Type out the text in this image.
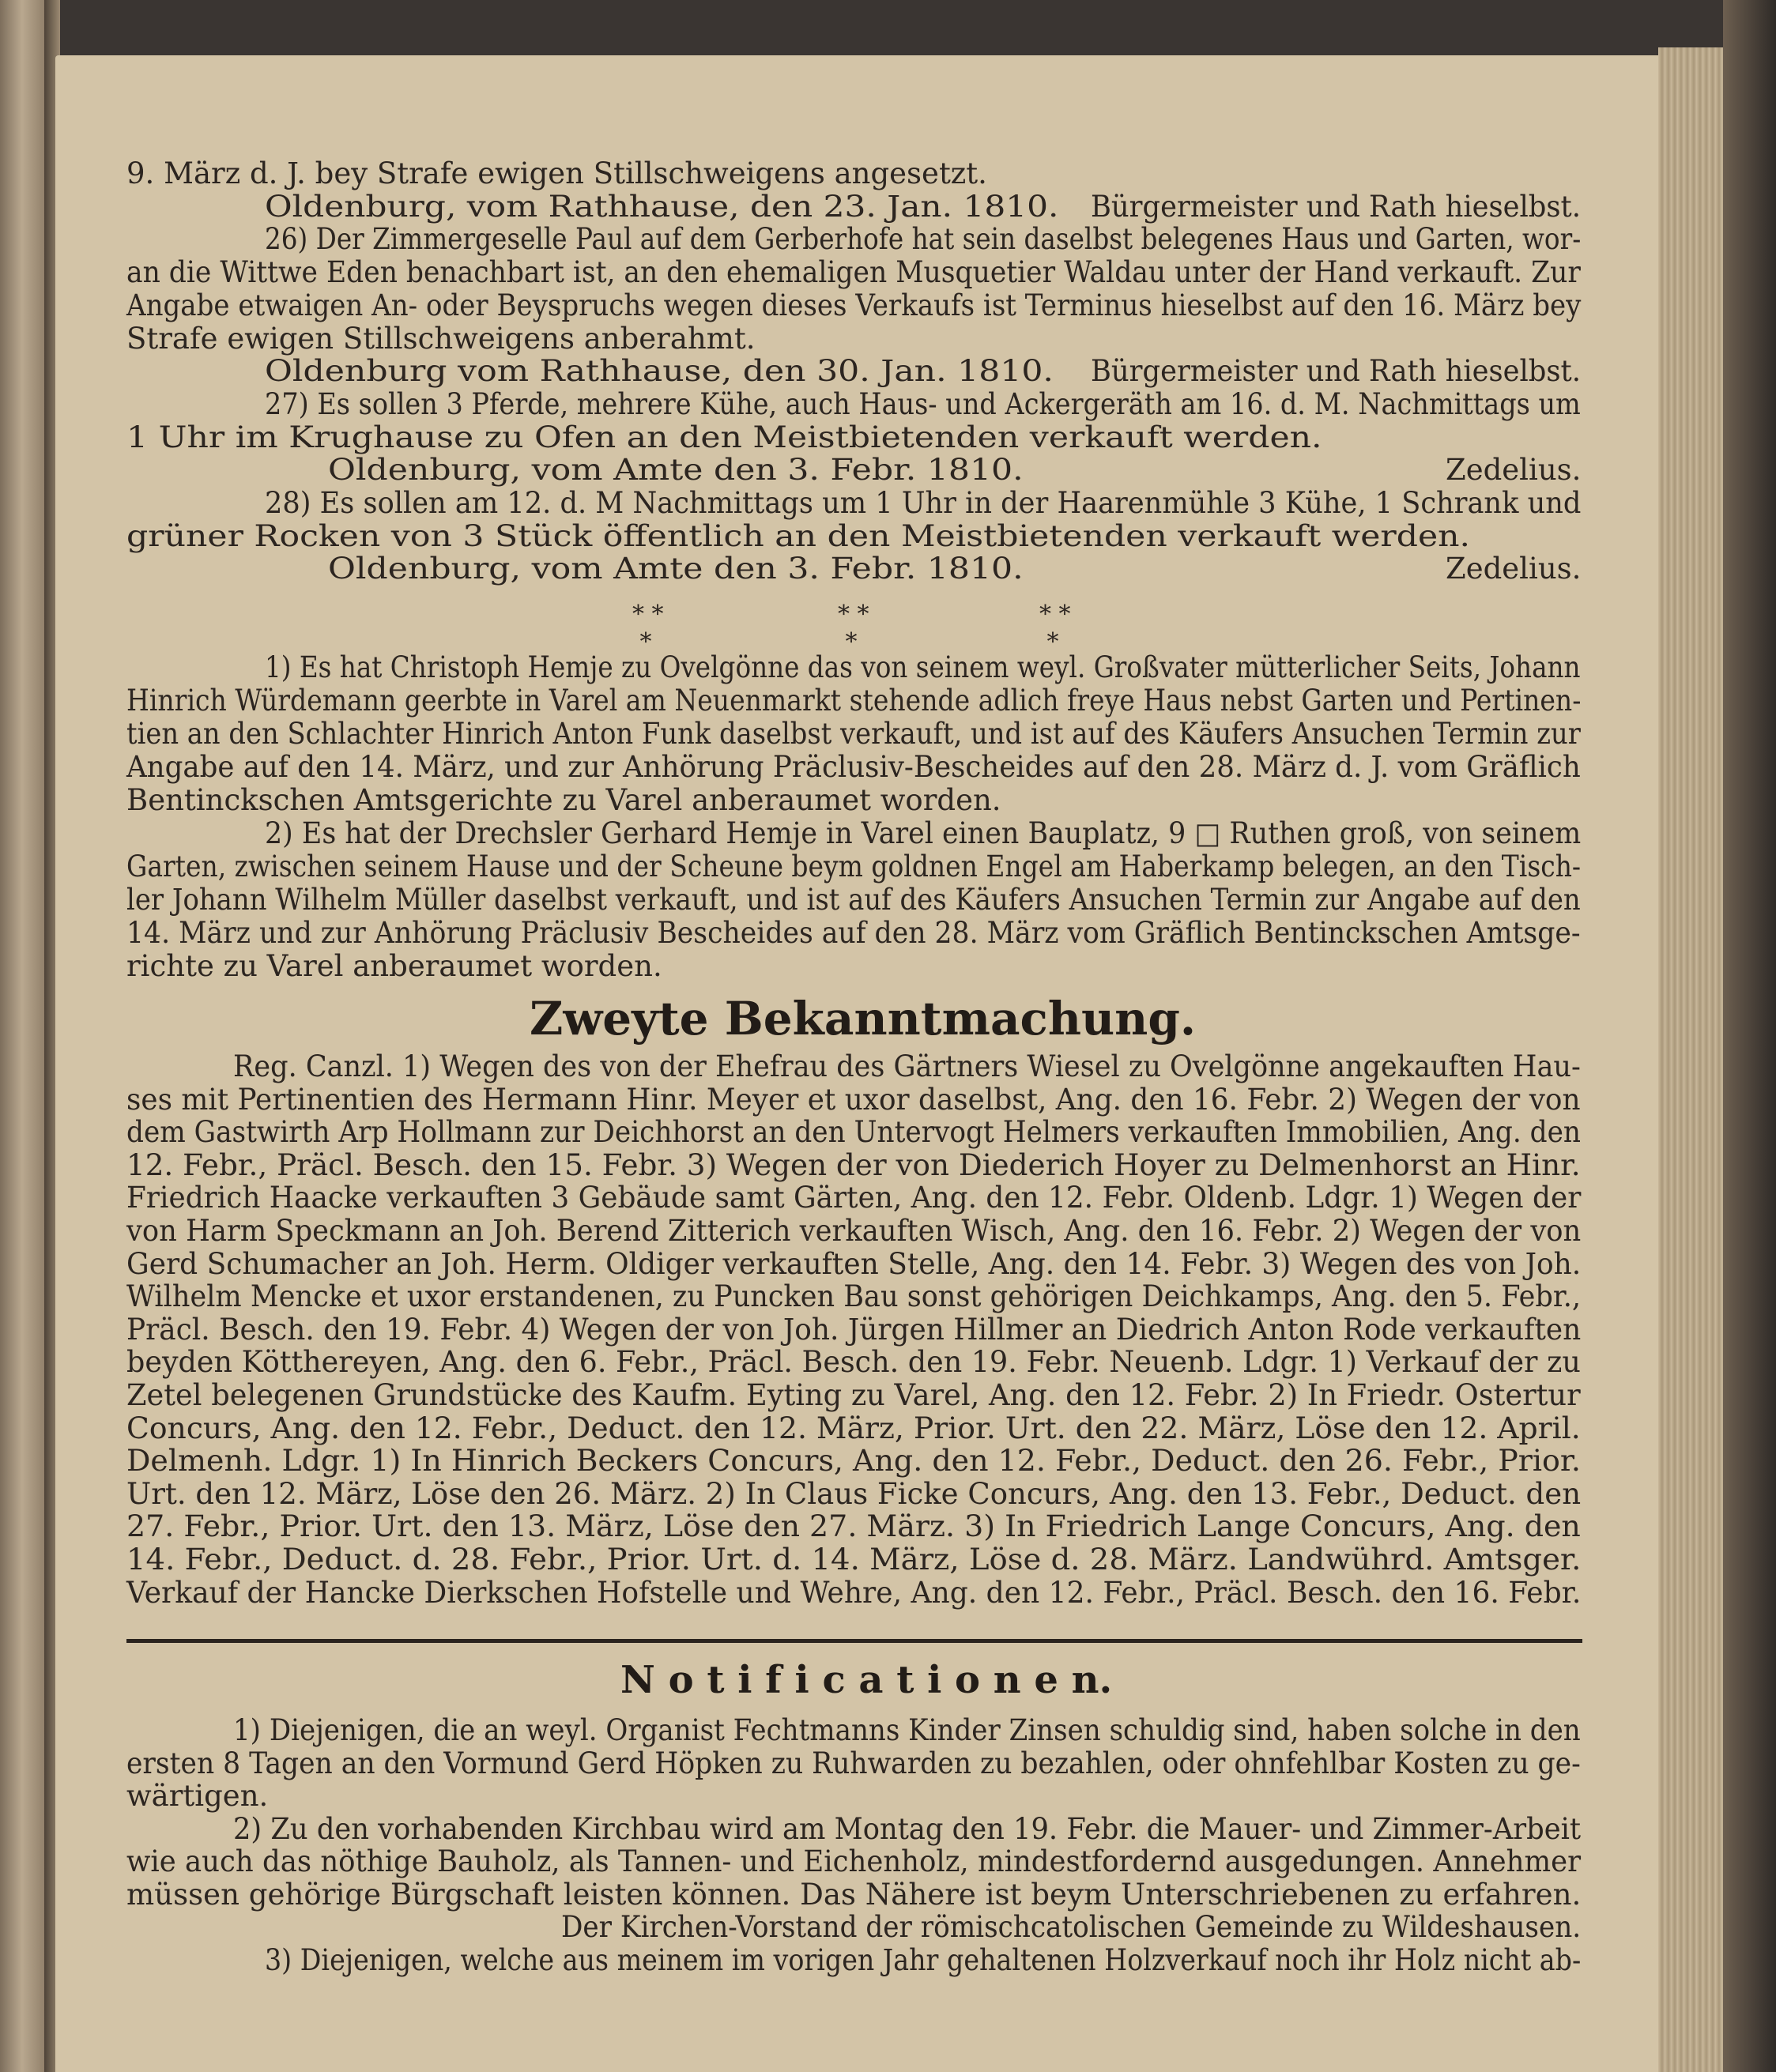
9. März d. J. bey Strafe ewigen Stillschweigens angesetzt.
Oldenburg, vom Rathhause, den 23. Jan. 1810. Bürgermeister und Rath hieselbst.
26) Der Zimmergeselle Paul auf dem Gerberhofe hat sein daselbst belegenes Haus und Garten, wor-
an die Wittwe Eden benachbart ist, an den ehemaligen Musquetier Waldau unter der Hand verkauft. Zur
Angabe etwaigen An- oder Beyspruchs wegen dieses Verkaufs ist Terminus hieselbst auf den 16. März bey
Strafe ewigen Stillschweigens anberahmt.
Oldenburg vom Rathhause, den 30. Jan. 1810. Bürgermeister und Rath hieselbst.
27) Es sollen 3 Pferde, mehrere Kühe, auch Haus- und Ackergeräth am 16. d. M. Nachmittags um
1 Uhr im Krughause zu Ofen an den Meistbietenden verkauft werden.
Oldenburg, vom Amte den 3. Febr. 1810.	Zedelius.
28) Es sollen am 12. d. M Nachmittags um 1 Uhr in der Haarenmühle 3 Kühe, 1 Schrank und
grüner Rocken von 3 Stück öffentlich an den Meistbietenden verkauft werden.
Oldenburg, vom Amte den 3. Febr. 1810.	Zedelius.
1) Es hat Christoph Hemje zu Ovelgönne das von seinem weyl. Großvater mütterlicher Seits, Johann
Hinrich Würdemann geerbte in Varel am Neuenmarkt stehende adlich freye Haus nebst Garten und Pertinen-
tien an den Schlachter Hinrich Anton Funk daselbst verkauft, und ist auf des Käufers Ansuchen Termin zur
Angabe auf den 14. März, und zur Anhörung Präclusiv-Bescheides auf den 28. März d. J. vom Gräflich
Bentinckschen Amtsgerichte zu Varel anberaumet worden.
2) Es hat der Drechsler Gerhard Hemje in Varel einen Bauplatz, 9 □ Ruthen groß, von seinem
Garten, zwischen seinem Hause und der Scheune beym goldnen Engel am Haberkamp belegen, an den Tisch-
ler Johann Wilhelm Müller daselbst verkauft, und ist auf des Käufers Ansuchen Termin zur Angabe auf den
14. März und zur Anhörung Präclusiv Bescheides auf den 28. März vom Gräflich Bentinckschen Amtsge-
richte zu Varel anberaumet worden.
Reg. Canzl. 1) Wegen des von der Ehefrau des Gärtners Wiesel zu Ovelgönne angekauften Hau-
ses mit Pertinentien des Hermann Hinr. Meyer et uxor daselbst, Ang. den 16. Febr. 2) Wegen der von
dem Gastwirth Arp Hollmann zur Deichhorst an den Untervogt Helmers verkauften Immobilien, Ang. den
12. Febr., Präcl. Besch. den 15. Febr. 3) Wegen der von Diederich Hoyer zu Delmenhorst an Hinr.
Friedrich Haacke verkauften 3 Gebäude samt Gärten, Ang. den 12. Febr. Oldenb. Ldgr. 1) Wegen der
von Harm Speckmann an Joh. Berend Zitterich verkauften Wisch, Ang. den 16. Febr. 2) Wegen der von
Gerd Schumacher an Joh. Herm. Oldiger verkauften Stelle, Ang. den 14. Febr. 3) Wegen des von Joh.
Wilhelm Mencke et uxor erstandenen, zu Puncken Bau sonst gehörigen Deichkamps, Ang. den 5. Febr.,
Präcl. Besch. den 19. Febr. 4) Wegen der von Joh. Jürgen Hillmer an Diedrich Anton Rode verkauften
beyden Kötthereyen, Ang. den 6. Febr., Präcl. Besch. den 19. Febr. Neuenb. Ldgr. 1) Verkauf der zu
Zetel belegenen Grundstücke des Kaufm. Eyting zu Varel, Ang. den 12. Febr. 2) In Friedr. Ostertur
Concurs, Ang. den 12. Febr., Deduct. den 12. März, Prior. Urt. den 22. März, Löse den 12. April.
Delmenh. Ldgr. 1) In Hinrich Beckers Concurs, Ang. den 12. Febr., Deduct. den 26. Febr., Prior.
Urt. den 12. März, Löse den 26. März. 2) In Claus Ficke Concurs, Ang. den 13. Febr., Deduct. den
27. Febr., Prior. Urt. den 13. März, Löse den 27. März. 3) In Friedrich Lange Concurs, Ang. den
14. Febr., Deduct. d. 28. Febr., Prior. Urt. d. 14. März, Löse d. 28. März. Landwührd. Amtsger.
Verkauf der Hancke Dierkschen Hofstelle und Wehre, Ang. den 12. Febr., Präcl. Besch. den 16. Febr.
1) Diejenigen, die an weyl. Organist Fechtmanns Kinder Zinsen schuldig sind, haben solche in den
ersten 8 Tagen an den Vormund Gerd Höpken zu Ruhwarden zu bezahlen, oder ohnfehlbar Kosten zu ge-
wärtigen.
2) Zu den vorhabenden Kirchbau wird am Montag den 19. Febr. die Mauer- und Zimmer-Arbeit
wie auch das nöthige Bauholz, als Tannen- und Eichenholz, mindestfordernd ausgedungen. Annehmer
müssen gehörige Bürgschaft leisten können. Das Nähere ist beym Unterschriebenen zu erfahren.
Der Kirchen-Vorstand der römischcatolischen Gemeinde zu Wildeshausen.
3) Diejenigen, welche aus meinem im vorigen Jahr gehaltenen Holzverkauf noch ihr Holz nicht ab-
* *
*
* *
*
* *
*
Zweyte Bekanntmachung.
N o t i f i c a t i o n e n.
